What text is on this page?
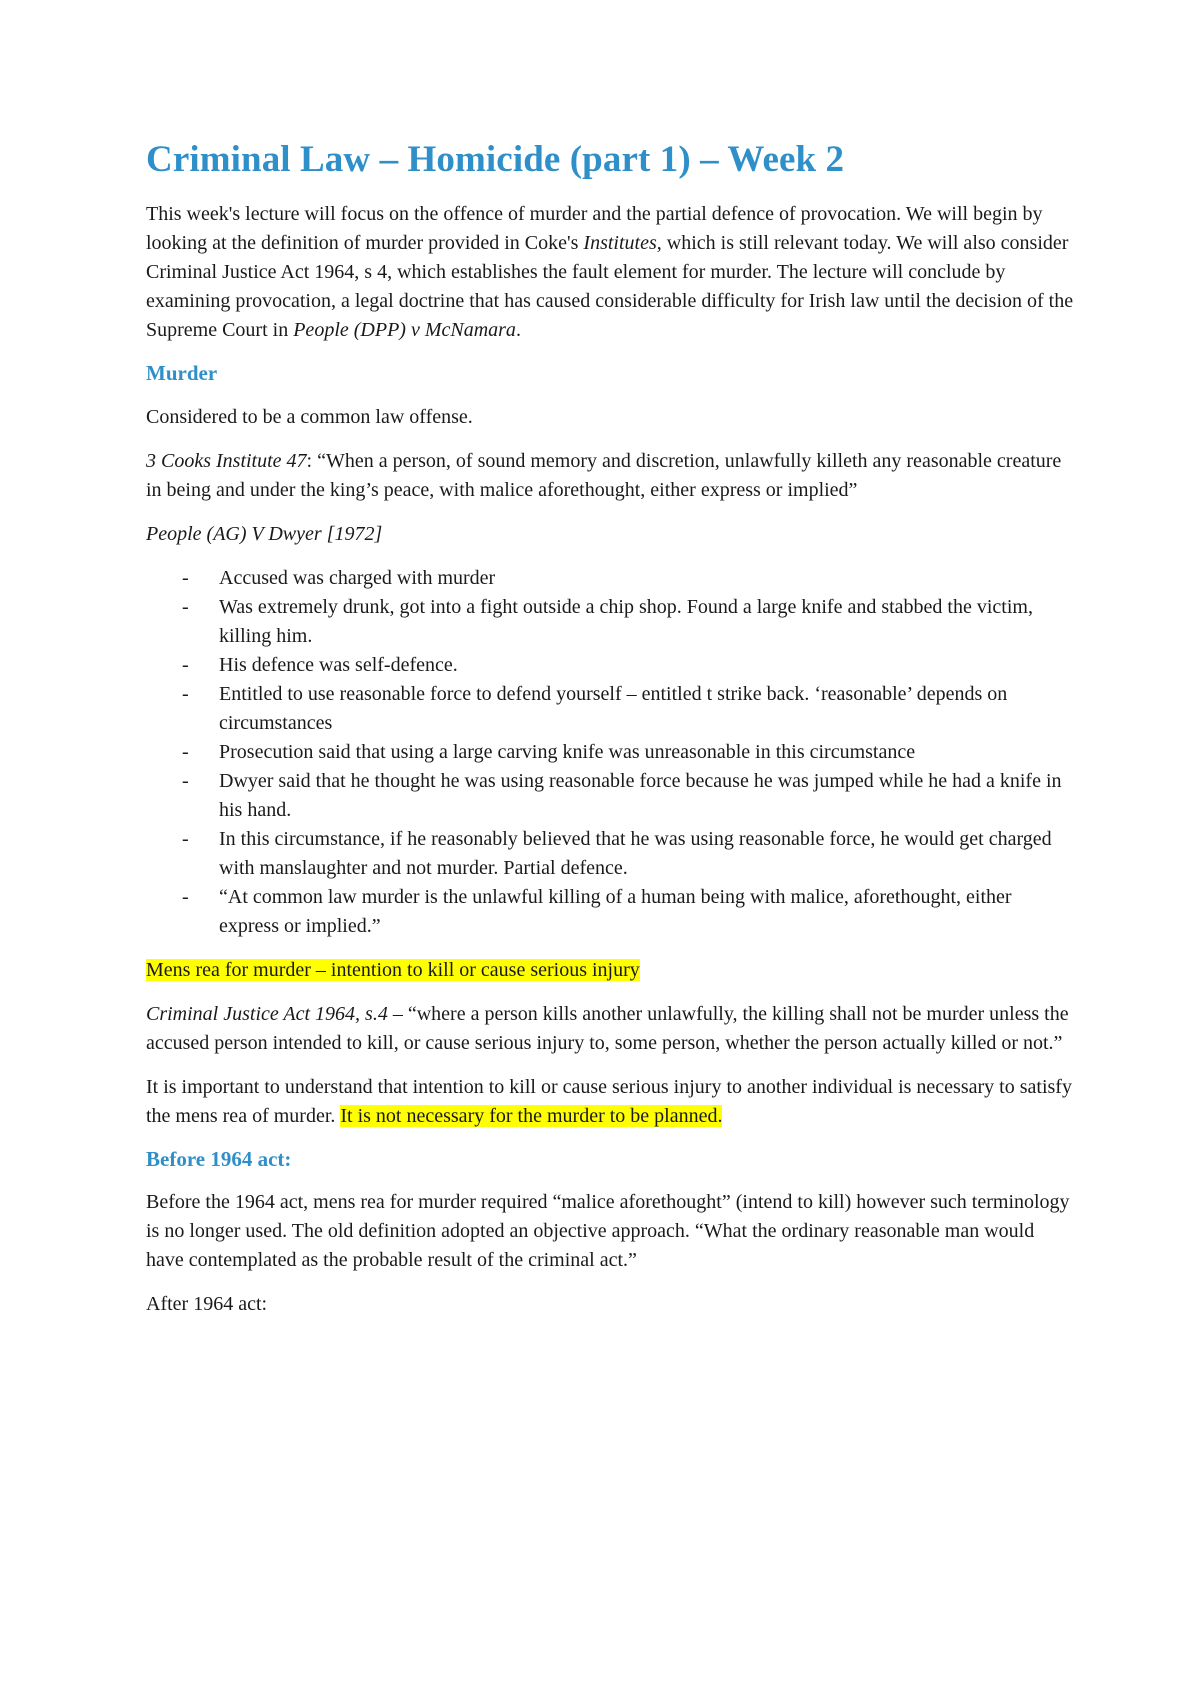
Criminal Law – Homicide (part 1) – Week 2

This week's lecture will focus on the offence of murder and the partial defence of provocation. We will begin by looking at the definition of murder provided in Coke's Institutes, which is still relevant today. We will also consider Criminal Justice Act 1964, s 4, which establishes the fault element for murder. The lecture will conclude by examining provocation, a legal doctrine that has caused considerable difficulty for Irish law until the decision of the Supreme Court in People (DPP) v McNamara.

Murder

Considered to be a common law offense.

3 Cooks Institute 47: “When a person, of sound memory and discretion, unlawfully killeth any reasonable creature in being and under the king’s peace, with malice aforethought, either express or implied”

People (AG) V Dwyer [1972]

- Accused was charged with murder
- Was extremely drunk, got into a fight outside a chip shop. Found a large knife and stabbed the victim, killing him.
- His defence was self-defence.
- Entitled to use reasonable force to defend yourself – entitled t strike back. ‘reasonable’ depends on circumstances
- Prosecution said that using a large carving knife was unreasonable in this circumstance
- Dwyer said that he thought he was using reasonable force because he was jumped while he had a knife in his hand.
- In this circumstance, if he reasonably believed that he was using reasonable force, he would get charged with manslaughter and not murder. Partial defence.
- “At common law murder is the unlawful killing of a human being with malice, aforethought, either express or implied.”

Mens rea for murder – intention to kill or cause serious injury

Criminal Justice Act 1964, s.4 – “where a person kills another unlawfully, the killing shall not be murder unless the accused person intended to kill, or cause serious injury to, some person, whether the person actually killed or not.”

It is important to understand that intention to kill or cause serious injury to another individual is necessary to satisfy the mens rea of murder. It is not necessary for the murder to be planned.

Before 1964 act:

Before the 1964 act, mens rea for murder required “malice aforethought” (intend to kill) however such terminology is no longer used. The old definition adopted an objective approach. “What the ordinary reasonable man would have contemplated as the probable result of the criminal act.”

After 1964 act:
